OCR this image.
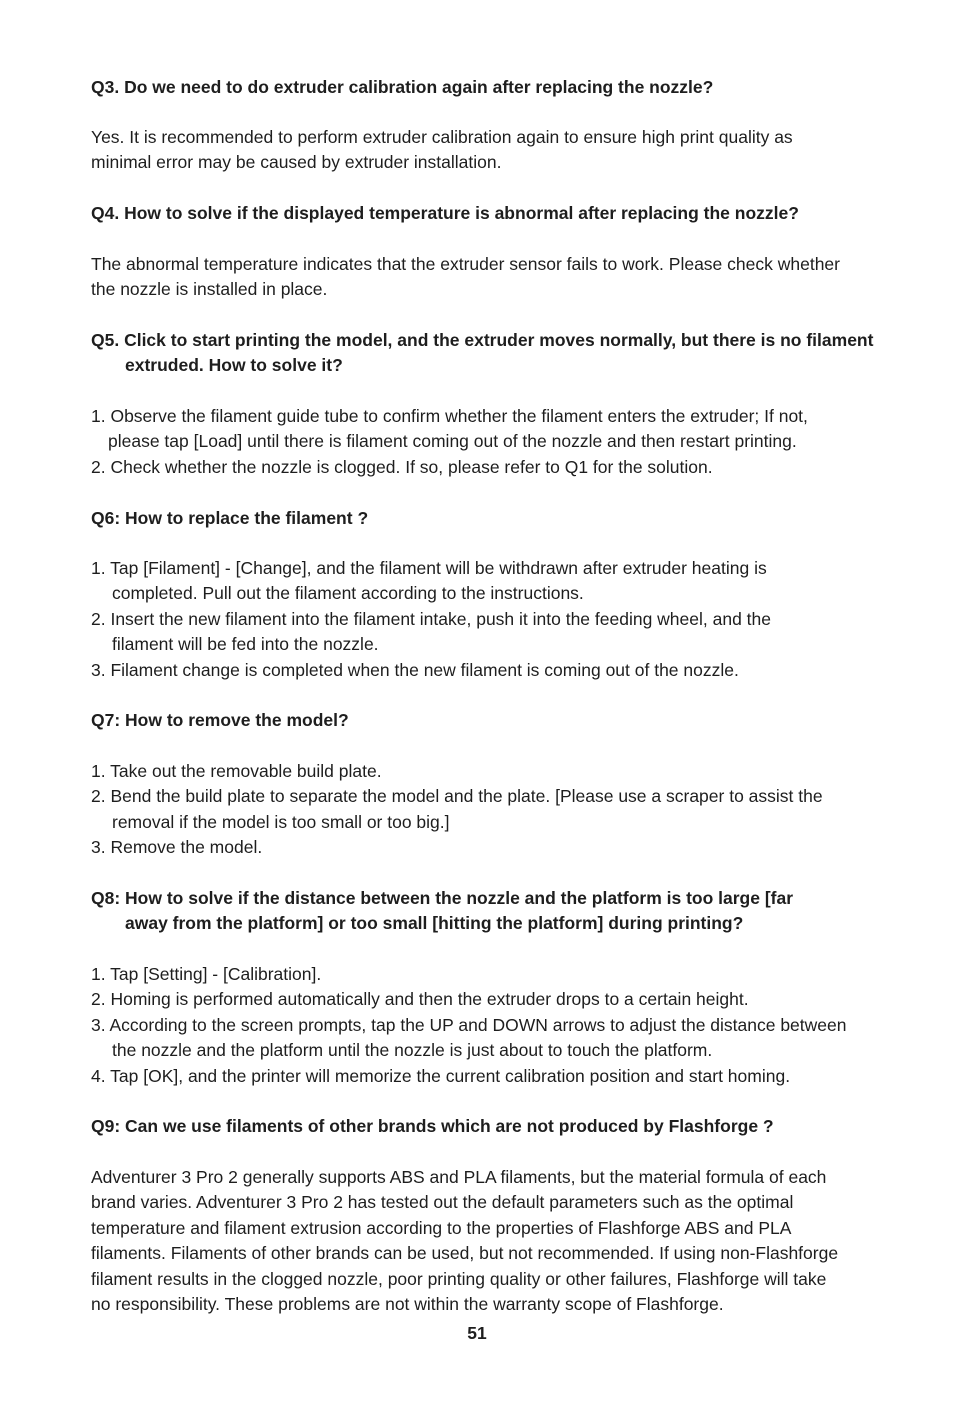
Q3. Do we need to do extruder calibration again after replacing the nozzle?
Yes. It is recommended to perform extruder calibration again to ensure high print quality as
minimal error may be caused by extruder installation.
Q4. How to solve if the displayed temperature is abnormal after replacing the nozzle?
The abnormal temperature indicates that the extruder sensor fails to work. Please check whether
the nozzle is installed in place.
Q5. Click to start printing the model, and the extruder moves normally, but there is no filament
extruded. How to solve it?
1. Observe the filament guide tube to confirm whether the filament enters the extruder; If not,
please tap [Load] until there is filament coming out of the nozzle and then restart printing.
2. Check whether the nozzle is clogged. If so, please refer to Q1 for the solution.
Q6: How to replace the filament ?
1. Tap [Filament] - [Change], and the filament will be withdrawn after extruder heating is
completed. Pull out the filament according to the instructions.
2. Insert the new filament into the filament intake, push it into the feeding wheel, and the
filament will be fed into the nozzle.
3. Filament change is completed when the new filament is coming out of the nozzle.
Q7: How to remove the model?
1. Take out the removable build plate.
2. Bend the build plate to separate the model and the plate. [Please use a scraper to assist the
removal if the model is too small or too big.]
3. Remove the model.
Q8: How to solve if the distance between the nozzle and the platform is too large [far
away from the platform] or too small [hitting the platform] during printing?
1. Tap [Setting] - [Calibration].
2. Homing is performed automatically and then the extruder drops to a certain height.
3. According to the screen prompts, tap the UP and DOWN arrows to adjust the distance between
the nozzle and the platform until the nozzle is just about to touch the platform.
4. Tap [OK], and the printer will memorize the current calibration position and start homing.
Q9: Can we use filaments of other brands which are not produced by Flashforge ?
Adventurer 3 Pro 2 generally supports ABS and PLA filaments, but the material formula of each
brand varies. Adventurer 3 Pro 2 has tested out the default parameters such as the optimal
temperature and filament extrusion according to the properties of Flashforge ABS and PLA
filaments. Filaments of other brands can be used, but not recommended. If using non-Flashforge
filament results in the clogged nozzle, poor printing quality or other failures, Flashforge will take
no responsibility. These problems are not within the warranty scope of Flashforge.
51
